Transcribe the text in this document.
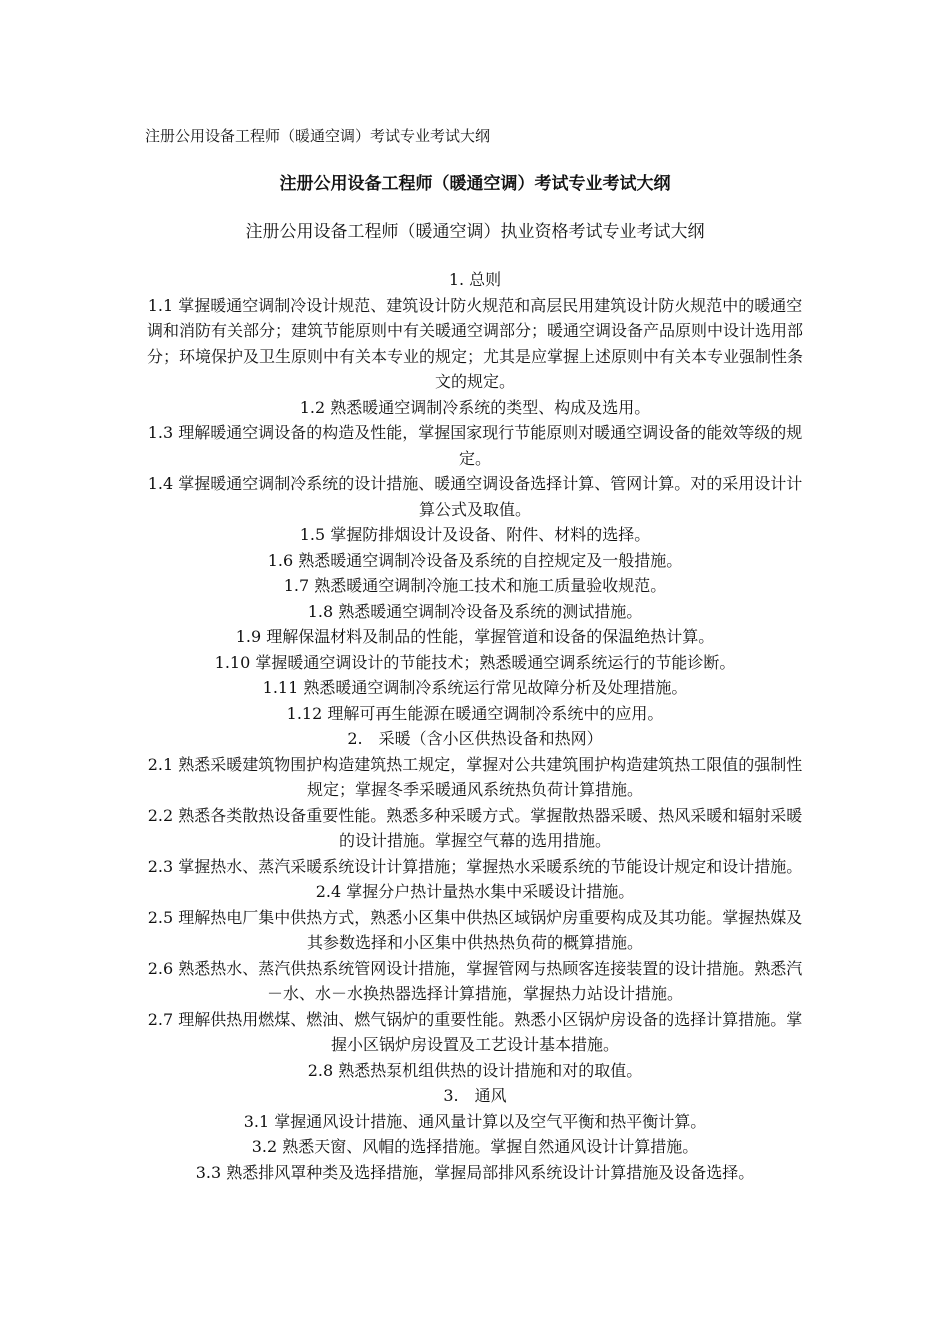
注册公用设备工程师（暖通空调）考试专业考试大纲
注册公用设备工程师（暖通空调）考试专业考试大纲
注册公用设备工程师（暖通空调）执业资格考试专业考试大纲

1. 总则

1.1 掌握暖通空调制冷设计规范、建筑设计防火规范和高层民用建筑设计防火规范中的暖通空调和消防有关部分；建筑节能原则中有关暖通空调部分；暖通空调设备产品原则中设计选用部分；环境保护及卫生原则中有关本专业的规定；尤其是应掌握上述原则中有关本专业强制性条文的规定。

1.2 熟悉暖通空调制冷系统的类型、构成及选用。

1.3 理解暖通空调设备的构造及性能，掌握国家现行节能原则对暖通空调设备的能效等级的规定。

1.4 掌握暖通空调制冷系统的设计措施、暖通空调设备选择计算、管网计算。对的采用设计计算公式及取值。

1.5 掌握防排烟设计及设备、附件、材料的选择。

1.6 熟悉暖通空调制冷设备及系统的自控规定及一般措施。

1.7 熟悉暖通空调制冷施工技术和施工质量验收规范。

1.8 熟悉暖通空调制冷设备及系统的测试措施。

1.9 理解保温材料及制品的性能，掌握管道和设备的保温绝热计算。

1.10 掌握暖通空调设计的节能技术；熟悉暖通空调系统运行的节能诊断。

1.11 熟悉暖通空调制冷系统运行常见故障分析及处理措施。

1.12 理解可再生能源在暖通空调制冷系统中的应用。

2.　采暖（含小区供热设备和热网）

2.1 熟悉采暖建筑物围护构造建筑热工规定，掌握对公共建筑围护构造建筑热工限值的强制性规定；掌握冬季采暖通风系统热负荷计算措施。

2.2 熟悉各类散热设备重要性能。熟悉多种采暖方式。掌握散热器采暖、热风采暖和辐射采暖的设计措施。掌握空气幕的选用措施。

2.3 掌握热水、蒸汽采暖系统设计计算措施；掌握热水采暖系统的节能设计规定和设计措施。

2.4 掌握分户热计量热水集中采暖设计措施。

2.5 理解热电厂集中供热方式，熟悉小区集中供热区域锅炉房重要构成及其功能。掌握热媒及其参数选择和小区集中供热热负荷的概算措施。

2.6 熟悉热水、蒸汽供热系统管网设计措施，掌握管网与热顾客连接装置的设计措施。熟悉汽－水、水－水换热器选择计算措施，掌握热力站设计措施。

2.7 理解供热用燃煤、燃油、燃气锅炉的重要性能。熟悉小区锅炉房设备的选择计算措施。掌握小区锅炉房设置及工艺设计基本措施。

2.8 熟悉热泵机组供热的设计措施和对的取值。

3.　通风

3.1 掌握通风设计措施、通风量计算以及空气平衡和热平衡计算。

3.2 熟悉天窗、风帽的选择措施。掌握自然通风设计计算措施。

3.3 熟悉排风罩种类及选择措施，掌握局部排风系统设计计算措施及设备选择。
